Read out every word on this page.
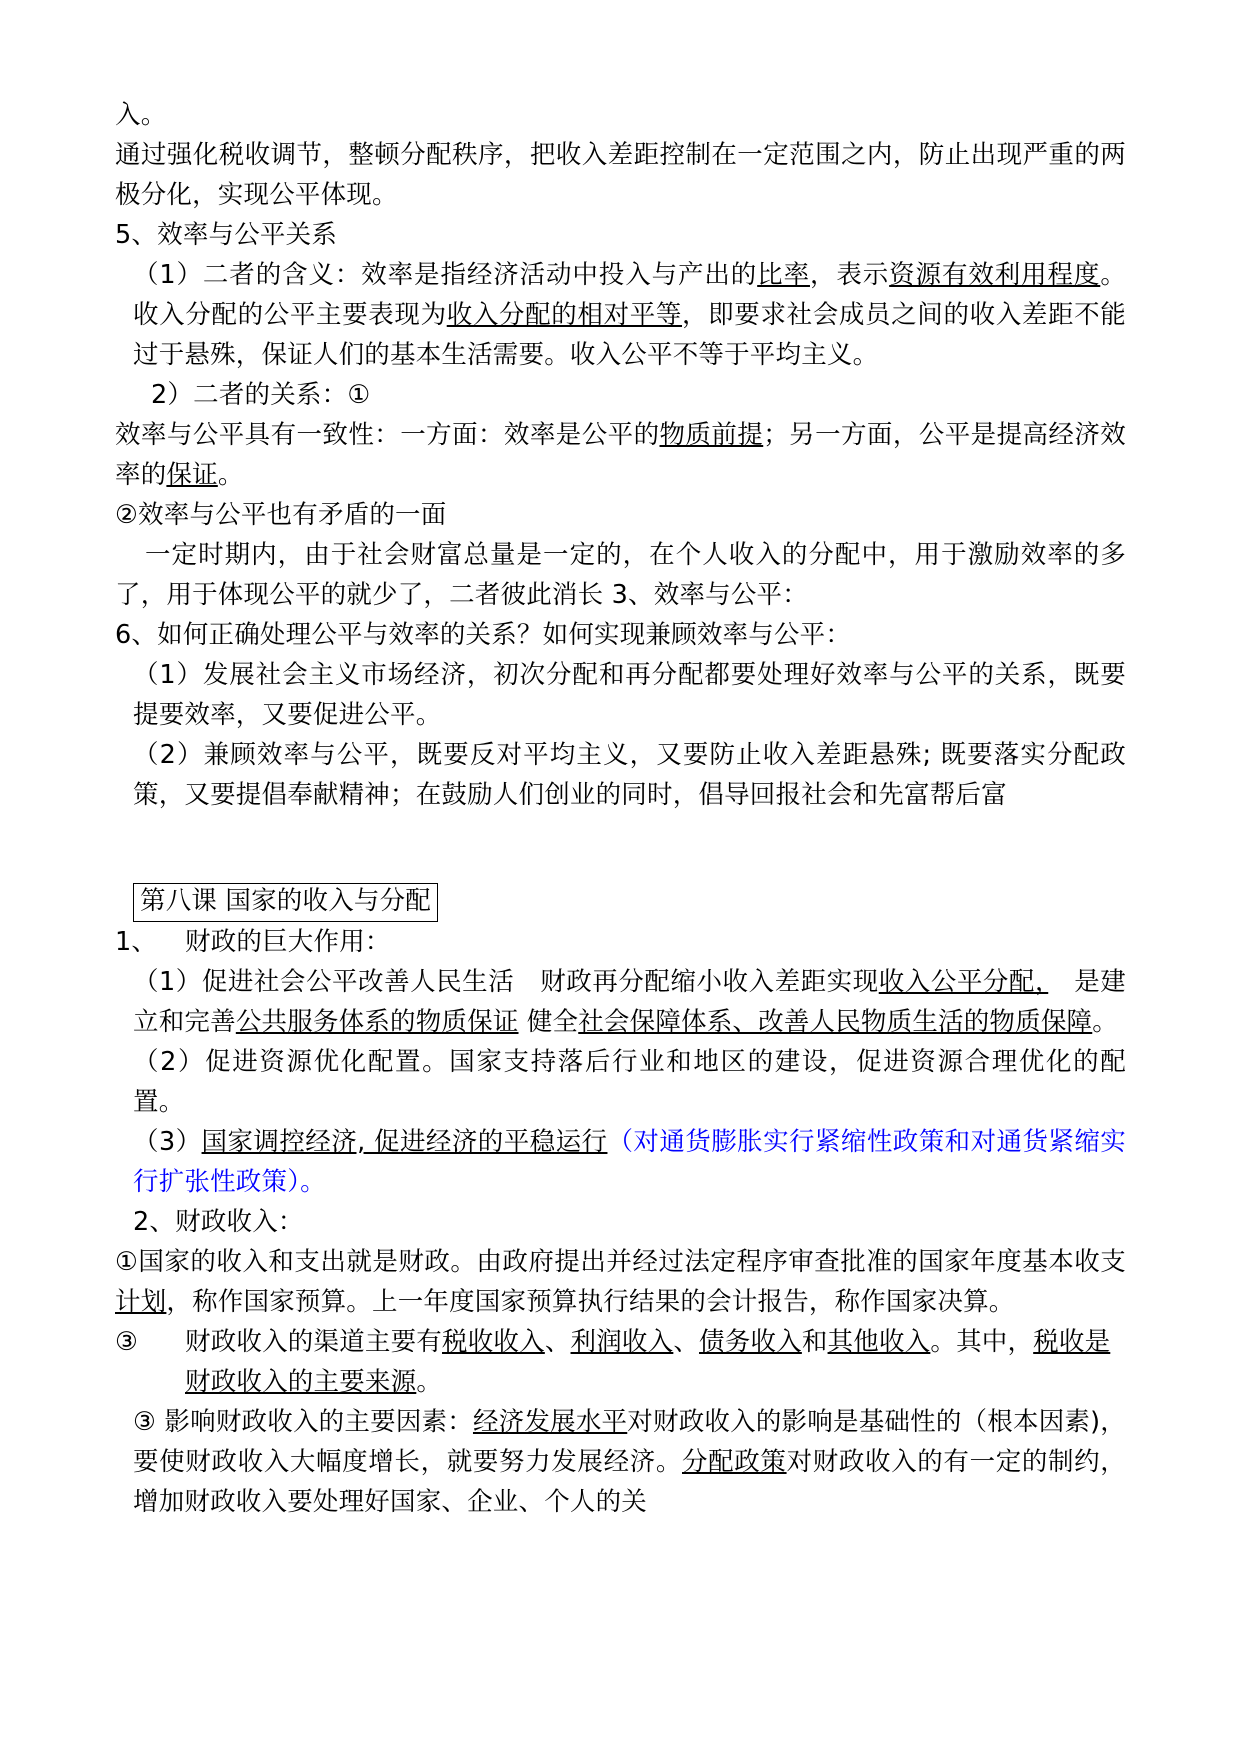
入。

通过强化税收调节，整顿分配秩序，把收入差距控制在一定范围之内，防止出现严重的两极分化，实现公平体现。

5、效率与公平关系

（1）二者的含义：效率是指经济活动中投入与产出的比率，表示资源有效利用程度。收入分配的公平主要表现为收入分配的相对平等，即要求社会成员之间的收入差距不能过于悬殊，保证人们的基本生活需要。收入公平不等于平均主义。

2）二者的关系：①

效率与公平具有一致性：一方面：效率是公平的物质前提；另一方面，公平是提高经济效率的保证。

②效率与公平也有矛盾的一面

一定时期内，由于社会财富总量是一定的，在个人收入的分配中，用于激励效率的多了，用于体现公平的就少了，二者彼此消长 3、效率与公平：

6、如何正确处理公平与效率的关系？如何实现兼顾效率与公平：

（1）发展社会主义市场经济，初次分配和再分配都要处理好效率与公平的关系，既要提要效率，又要促进公平。

（2）兼顾效率与公平，既要反对平均主义，又要防止收入差距悬殊; 既要落实分配政策，又要提倡奉献精神；在鼓励人们创业的同时，倡导回报社会和先富帮后富

第八课 国家的收入与分配
1、	财政的巨大作用：

（1）促进社会公平改善人民生活　财政再分配缩小收入差距实现收入公平分配，　是建立和完善公共服务体系的物质保证 健全社会保障体系、改善人民物质生活的物质保障。

（2）促进资源优化配置。国家支持落后行业和地区的建设，促进资源合理优化的配置。

（3）国家调控经济, 促进经济的平稳运行（对通货膨胀实行紧缩性政策和对通货紧缩实行扩张性政策）。

2、财政收入：

①国家的收入和支出就是财政。由政府提出并经过法定程序审查批准的国家年度基本收支计划，称作国家预算。上一年度国家预算执行结果的会计报告，称作国家决算。

③	财政收入的渠道主要有税收收入、利润收入、债务收入和其他收入。其中，税收是财政收入的主要来源。

③ 影响财政收入的主要因素：经济发展水平对财政收入的影响是基础性的（根本因素)，要使财政收入大幅度增长，就要努力发展经济。分配政策对财政收入的有一定的制约，增加财政收入要处理好国家、企业、个人的关
